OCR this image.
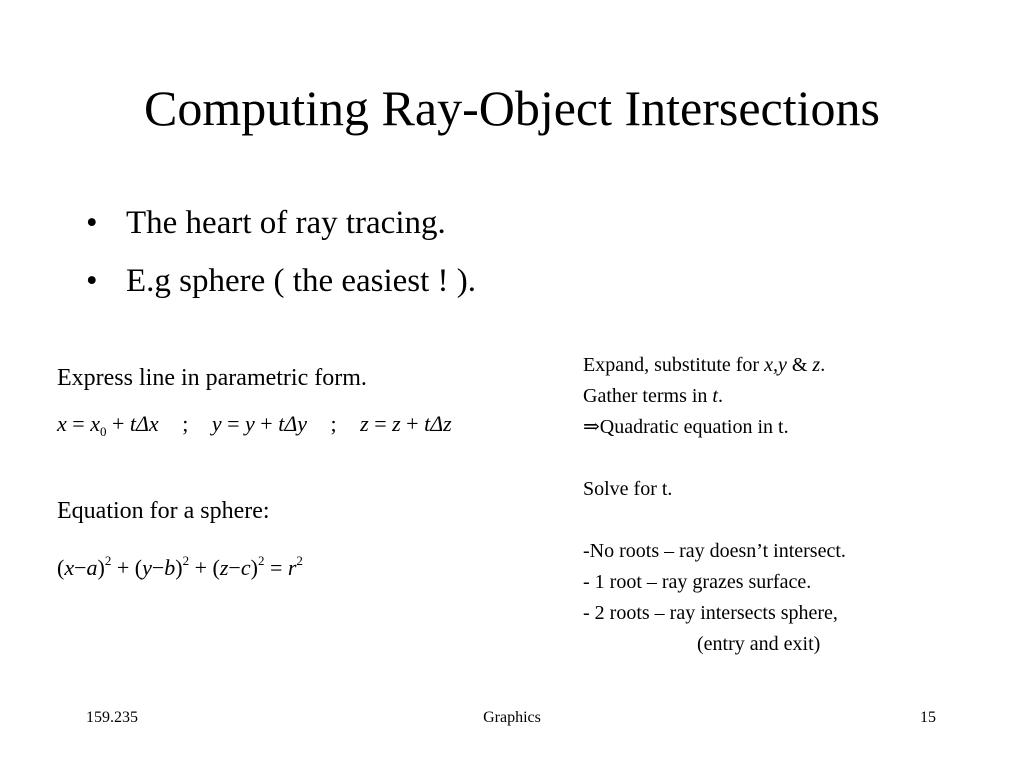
Computing Ray-Object Intersections
• The heart of ray tracing.
• E.g sphere ( the easiest ! ).
Express line in parametric form.
$x = x_0 + t\Delta x$ ; y = y + tΔy ; z = z + tΔz
Equation for a sphere:
$(x-a)^2 + (y-b)^2 + (z-c)^2 = r^2$
Expand, substitute for x,y & z.
Gather terms in t.
⇒Quadratic equation in t.
Solve for t.
-No roots – ray doesn’t intersect.
- 1 root – ray grazes surface.
- 2 roots – ray intersects sphere,
(entry and exit)
159.235	Graphics	15
